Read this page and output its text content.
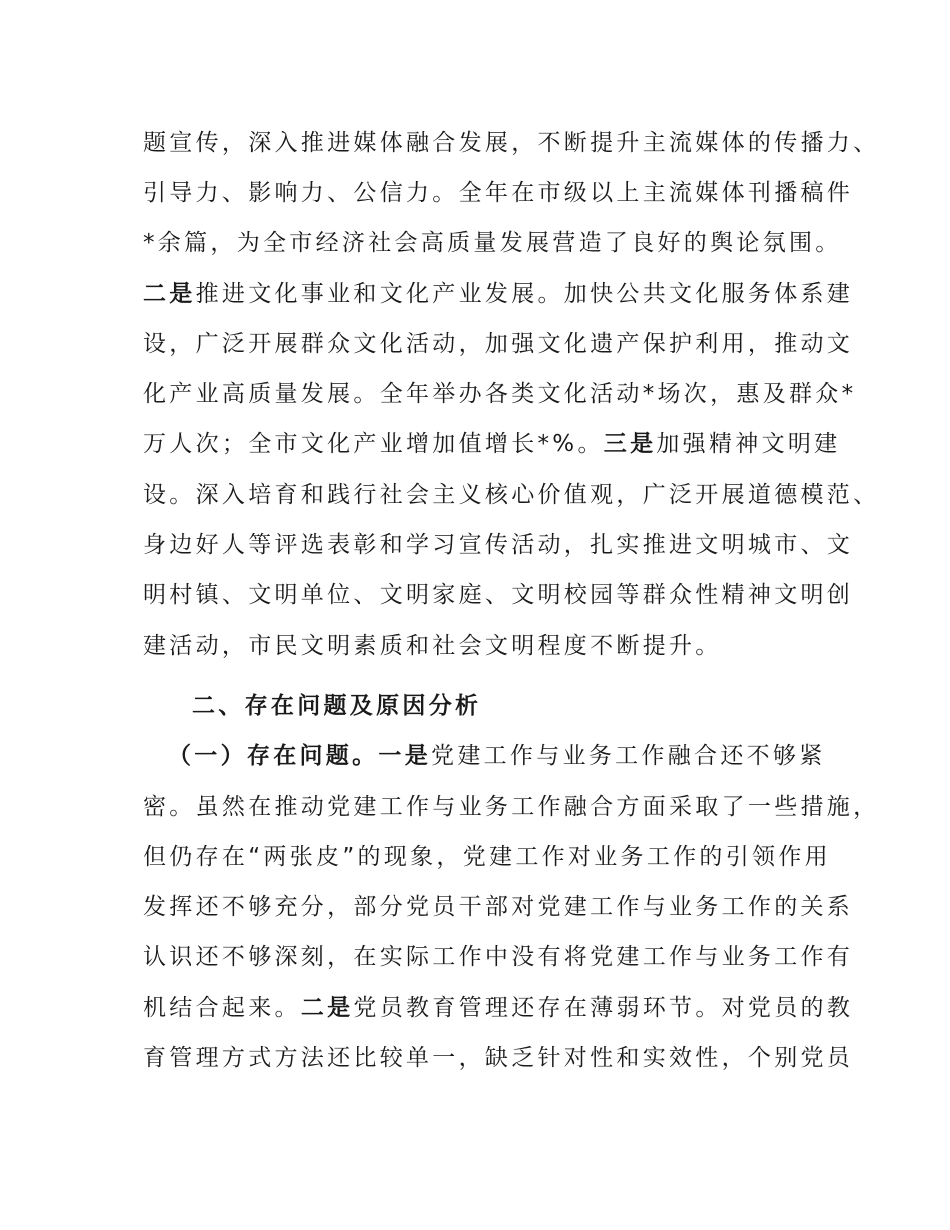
题宣传，深入推进媒体融合发展，不断提升主流媒体的传播力、
引导力、影响力、公信力。全年在市级以上主流媒体刊播稿件
*余篇，为全市经济社会高质量发展营造了良好的舆论氛围。
二是推进文化事业和文化产业发展。加快公共文化服务体系建
设，广泛开展群众文化活动，加强文化遗产保护利用，推动文
化产业高质量发展。全年举办各类文化活动*场次，惠及群众*
万人次；全市文化产业增加值增长*%。三是加强精神文明建
设。深入培育和践行社会主义核心价值观，广泛开展道德模范、
身边好人等评选表彰和学习宣传活动，扎实推进文明城市、文
明村镇、文明单位、文明家庭、文明校园等群众性精神文明创
建活动，市民文明素质和社会文明程度不断提升。
二、存在问题及原因分析
（一）存在问题。一是党建工作与业务工作融合还不够紧
密。虽然在推动党建工作与业务工作融合方面采取了一些措施，
但仍存在“两张皮”的现象，党建工作对业务工作的引领作用
发挥还不够充分，部分党员干部对党建工作与业务工作的关系
认识还不够深刻，在实际工作中没有将党建工作与业务工作有
机结合起来。二是党员教育管理还存在薄弱环节。对党员的教
育管理方式方法还比较单一，缺乏针对性和实效性，个别党员
